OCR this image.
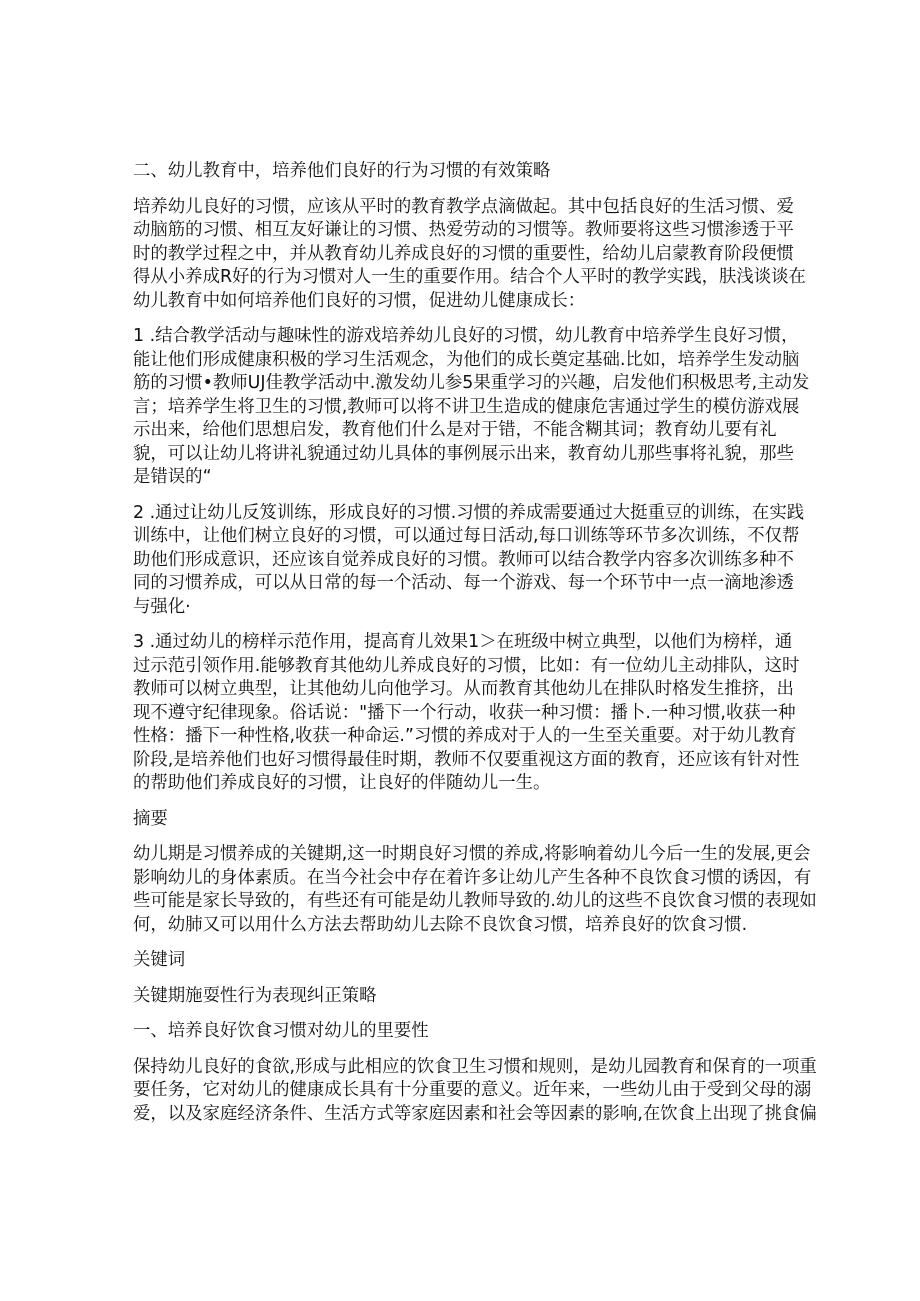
二、幼儿教育中，培养他们良好的行为习惯的有效策略
培养幼儿良好的习惯，应该从平时的教育教学点滴做起。其中包括良好的生活习惯、爱
动脑筋的习惯、相互友好谦让的习惯、热爱劳动的习惯等。教师要将这些习惯渗透于平
时的教学过程之中，并从教育幼儿养成良好的习惯的重要性，给幼儿启蒙教育阶段便惯
得从小养成R好的行为习惯对人一生的重要作用。结合个人平时的教学实践，肤浅谈谈在
幼儿教育中如何培养他们良好的习惯，促进幼儿健康成长：
1 .结合教学活动与趣味性的游戏培养幼儿良好的习惯，幼儿教育中培养学生良好习惯，
能让他们形成健康积极的学习生活观念，为他们的成长奠定基础.比如，培养学生发动脑
筋的习惯•教师UJ佳教学活动中.激发幼儿参5果重学习的兴趣，启发他们积极思考,主动发
言；培养学生将卫生的习惯,教师可以将不讲卫生造成的健康危害通过学生的模仿游戏展
示出来，给他们思想启发，教育他们什么是对于错，不能含糊其词；教育幼儿要有礼
貌，可以让幼儿将讲礼貌通过幼儿具体的事例展示出来，教育幼儿那些事将礼貌，那些
是错误的“
2 .通过让幼儿反笈训练，形成良好的习惯.习惯的养成需要通过大挺重豆的训练，在实践
训练中，让他们树立良好的习惯，可以通过每日活动,每口训练等环节多次训练，不仅帮
助他们形成意识，还应该自觉养成良好的习惯。教师可以结合教学内容多次训练多种不
同的习惯养成，可以从日常的每一个活动、每一个游戏、每一个环节中一点一滴地渗透
与强化·
3 .通过幼儿的榜样示范作用，提高育儿效果1＞在班级中树立典型，以他们为榜样，通
过示范引领作用.能够教育其他幼儿养成良好的习惯，比如：有一位幼儿主动排队，这时
教师可以树立典型，让其他幼儿向他学习。从而教育其他幼儿在排队时格发生推挤，出
现不遵守纪律现象。俗话说："播下一个行动，收获一种习惯：播卜.一种习惯,收获一种
性格：播下一种性格,收获一种命运.”习惯的养成对于人的一生至关重要。对于幼儿教育
阶段,是培养他们也好习惯得最佳时期，教师不仅要重视这方面的教育，还应该有针对性
的帮助他们养成良好的习惯，让良好的伴随幼儿一生。
摘要
幼儿期是习惯养成的关键期,这一时期良好习惯的养成,将影响着幼儿今后一生的发展,更会
影响幼儿的身体素质。在当今社会中存在着许多让幼儿产生各种不良饮食习惯的诱因，有
些可能是家长导致的，有些还有可能是幼儿教师导致的.幼儿的这些不良饮食习惯的表现如
何，幼肺又可以用什么方法去帮助幼儿去除不良饮食习惯，培养良好的饮食习惯.
关键词
关键期施耍性行为表现纠正策略
一、培养良好饮食习惯对幼儿的里要性
保持幼儿良好的食欲,形成与此相应的饮食卫生习惯和规则，是幼儿园教育和保育的一项重
要任务，它对幼儿的健康成长具有十分重要的意义。近年来，一些幼儿由于受到父母的溺
爱，以及家庭经济条件、生活方式等家庭因素和社会等因素的影响,在饮食上出现了挑食偏
